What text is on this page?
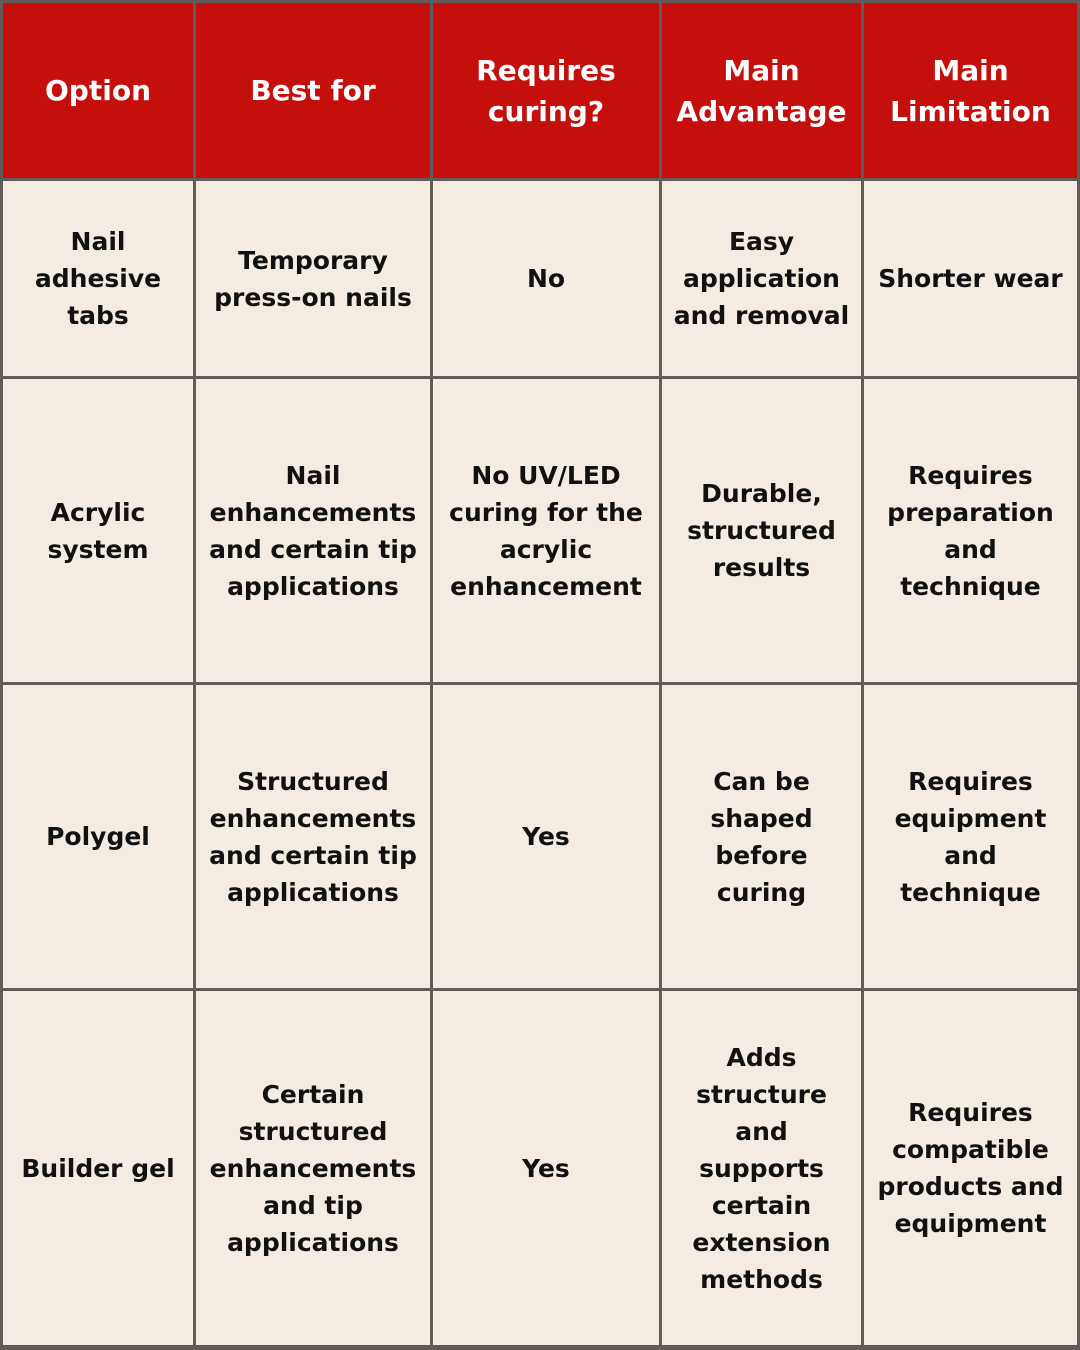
Option	Best for
Requires curing?
Main Advantage
Main Limitation
Nail adhesive tabs
Temporary press-on nails
No
Easy application and removal
Shorter wear
Acrylic system
Nail enhancements and certain tip applications
No UV/LED curing for the acrylic enhancement
Durable, structured results
Requires preparation and technique
Polygel
Structured enhancements and certain tip applications
Yes
Can be shaped before curing
Requires equipment and technique
Builder gel
Certain structured enhancements and tip applications
Yes
Adds structure and supports certain extension methods
Requires compatible products and equipment
